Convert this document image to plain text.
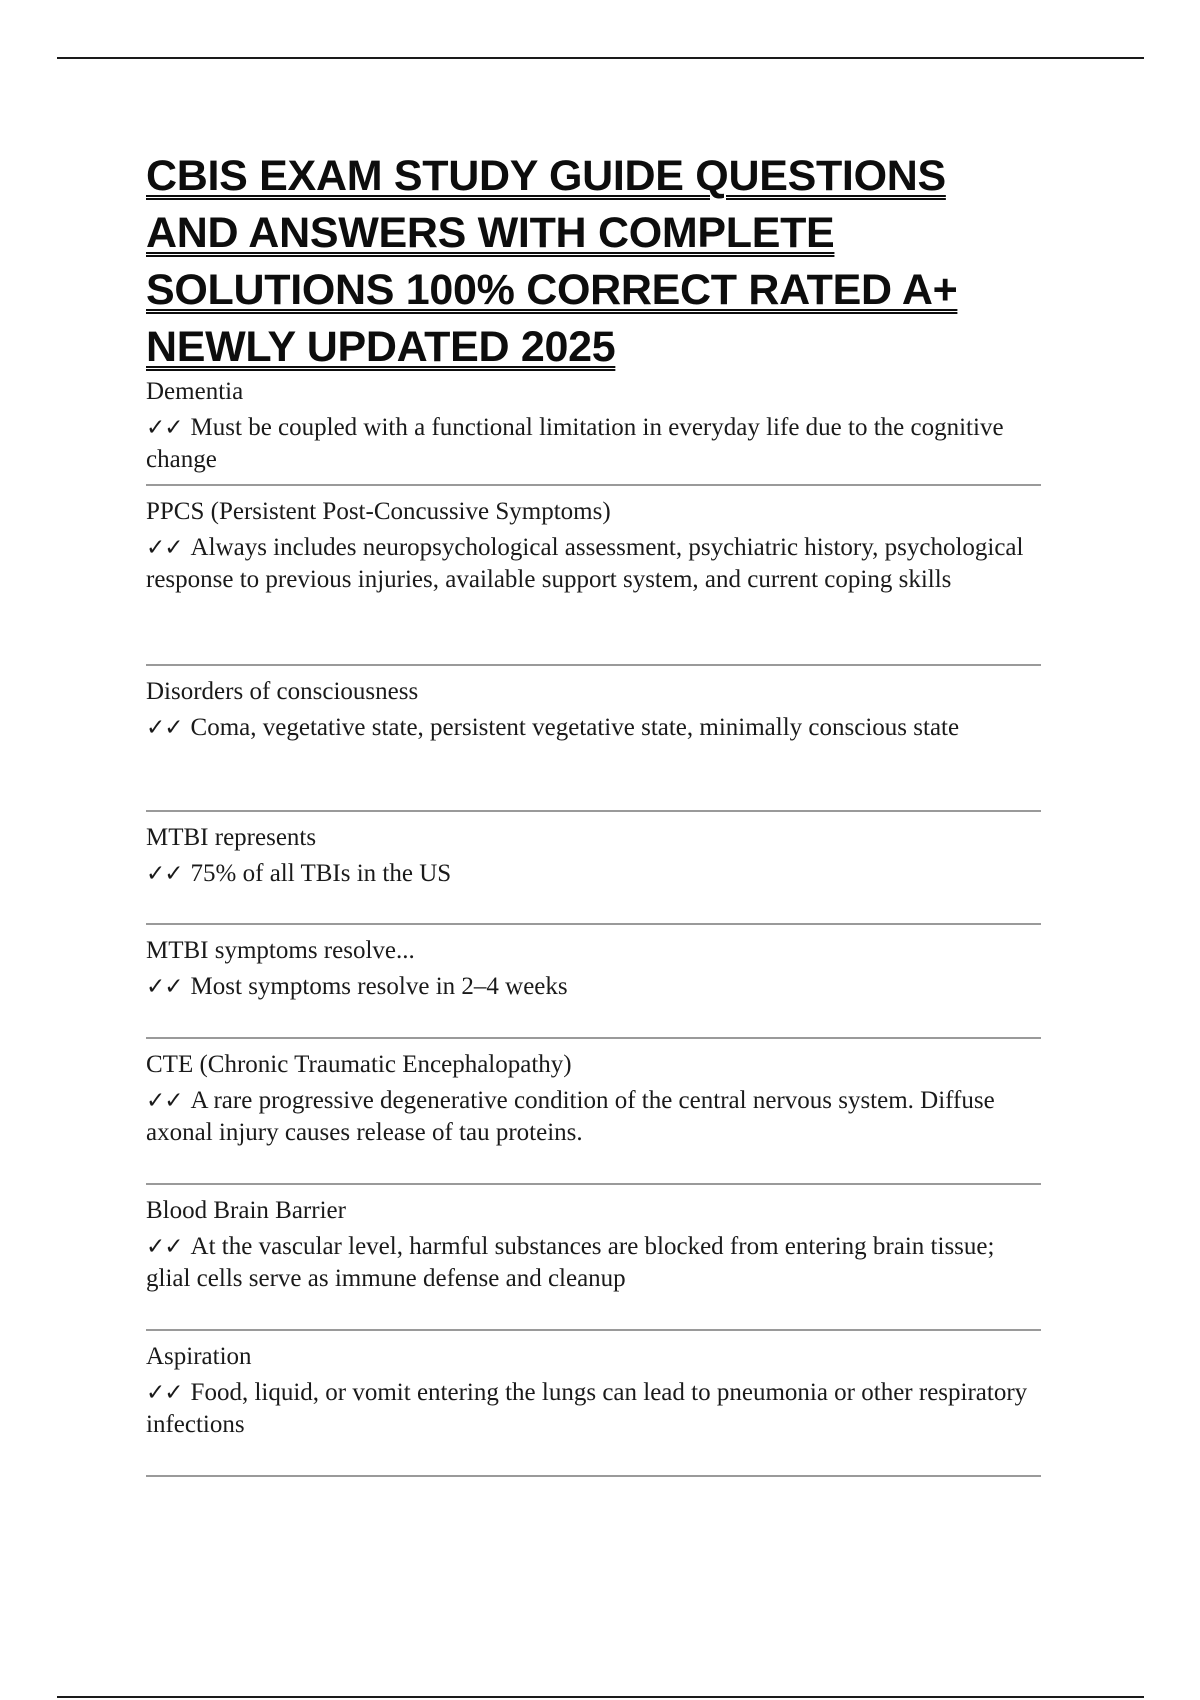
CBIS EXAM STUDY GUIDE QUESTIONS
AND ANSWERS WITH COMPLETE
SOLUTIONS 100% CORRECT RATED A+
NEWLY UPDATED 2025
Dementia
✓✓ Must be coupled with a functional limitation in everyday life due to the cognitive change
PPCS (Persistent Post-Concussive Symptoms)
✓✓ Always includes neuropsychological assessment, psychiatric history, psychological response to previous injuries, available support system, and current coping skills
Disorders of consciousness
✓✓ Coma, vegetative state, persistent vegetative state, minimally conscious state
MTBI represents
✓✓ 75% of all TBIs in the US
MTBI symptoms resolve...
✓✓ Most symptoms resolve in 2–4 weeks
CTE (Chronic Traumatic Encephalopathy)
✓✓ A rare progressive degenerative condition of the central nervous system. Diffuse axonal injury causes release of tau proteins.
Blood Brain Barrier
✓✓ At the vascular level, harmful substances are blocked from entering brain tissue; glial cells serve as immune defense and cleanup
Aspiration
✓✓ Food, liquid, or vomit entering the lungs can lead to pneumonia or other respiratory infections
